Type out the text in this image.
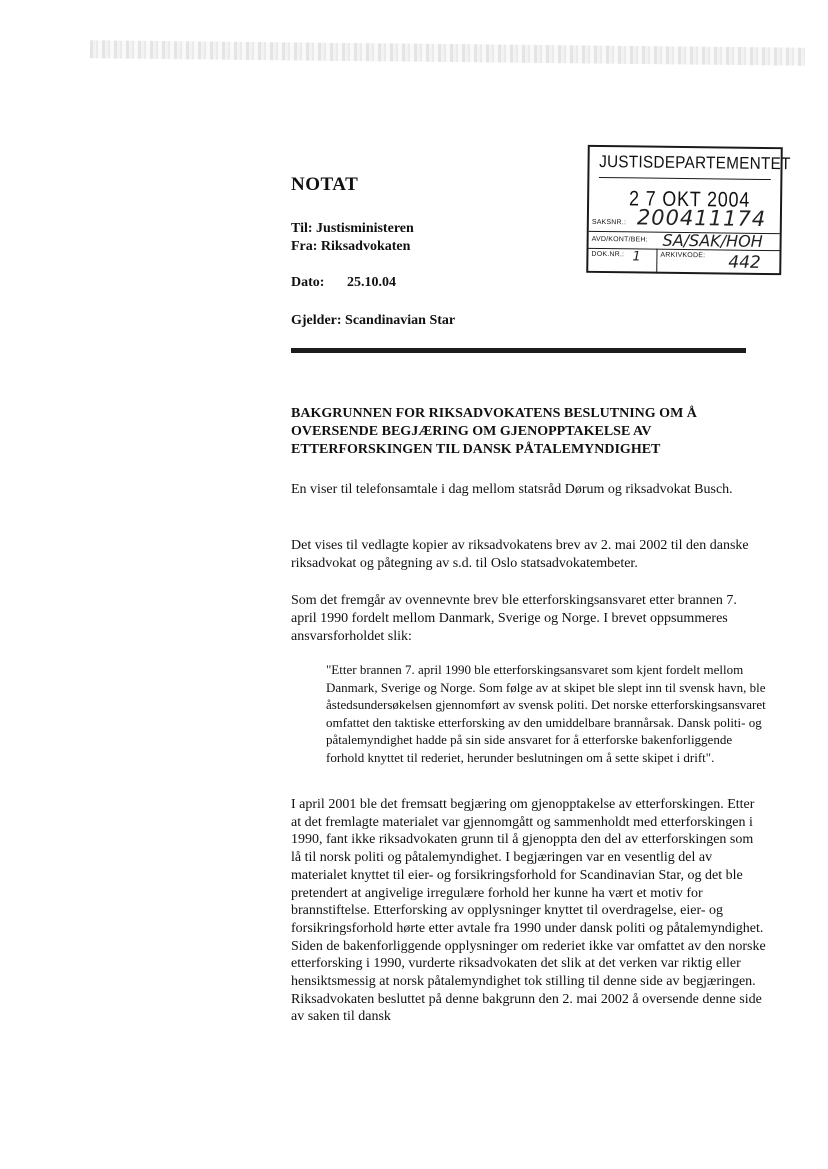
JUSTISDEPARTEMENTET
2 7 OKT 2004
SAKSNR.: 200411174
AVD/KONT/BEH: SA/SAK/HOH
DOK.NR.: 1	ARKIVKODE: 442
NOTAT
Til: Justisministeren
Fra: Riksadvokaten
Dato: 25.10.04
Gjelder: Scandinavian Star
BAKGRUNNEN FOR RIKSADVOKATENS BESLUTNING OM Å OVERSENDE BEGJÆRING OM GJENOPPTAKELSE AV ETTERFORSKINGEN TIL DANSK PÅTALEMYNDIGHET
En viser til telefonsamtale i dag mellom statsråd Dørum og riksadvokat Busch.
Det vises til vedlagte kopier av riksadvokatens brev av 2. mai 2002 til den danske riksadvokat og påtegning av s.d. til Oslo statsadvokatembeter.
Som det fremgår av ovennevnte brev ble etterforskingsansvaret etter brannen 7. april 1990 fordelt mellom Danmark, Sverige og Norge. I brevet oppsummeres ansvarsforholdet slik:
"Etter brannen 7. april 1990 ble etterforskingsansvaret som kjent fordelt mellom Danmark, Sverige og Norge. Som følge av at skipet ble slept inn til svensk havn, ble åstedsundersøkelsen gjennomført av svensk politi. Det norske etterforskingsansvaret omfattet den taktiske etterforsking av den umiddelbare brannårsak. Dansk politi- og påtalemyndighet hadde på sin side ansvaret for å etterforske bakenforliggende forhold knyttet til rederiet, herunder beslutningen om å sette skipet i drift".
I april 2001 ble det fremsatt begjæring om gjenopptakelse av etterforskingen. Etter at det fremlagte materialet var gjennomgått og sammenholdt med etterforskingen i 1990, fant ikke riksadvokaten grunn til å gjenoppta den del av etterforskingen som lå til norsk politi og påtalemyndighet. I begjæringen var en vesentlig del av materialet knyttet til eier- og forsikringsforhold for Scandinavian Star, og det ble pretendert at angivelige irregulære forhold her kunne ha vært et motiv for brannstiftelse. Etterforsking av opplysninger knyttet til overdragelse, eier- og forsikringsforhold hørte etter avtale fra 1990 under dansk politi og påtalemyndighet. Siden de bakenforliggende opplysninger om rederiet ikke var omfattet av den norske etterforsking i 1990, vurderte riksadvokaten det slik at det verken var riktig eller hensiktsmessig at norsk påtalemyndighet tok stilling til denne side av begjæringen. Riksadvokaten besluttet på denne bakgrunn den 2. mai 2002 å oversende denne side av saken til dansk
